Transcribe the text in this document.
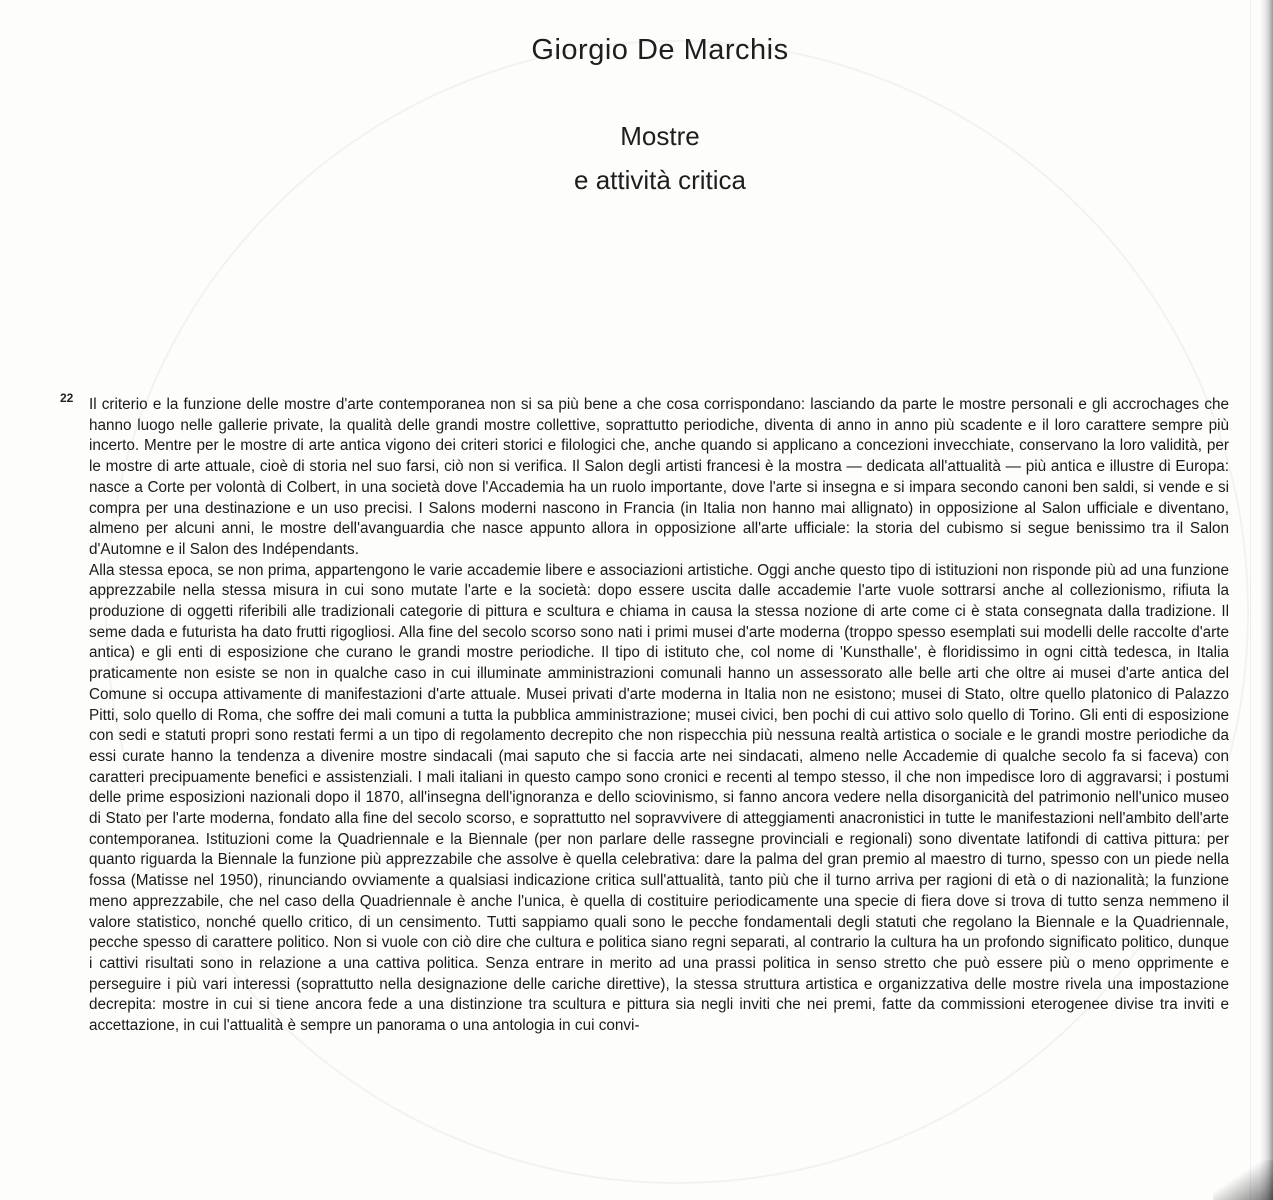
Giorgio De Marchis
Mostre
e attività critica
22 Il criterio e la funzione delle mostre d'arte contemporanea non si sa più bene a che cosa corrispondano: lasciando da parte le mostre personali e gli accrochages che hanno luogo nelle gallerie private, la qualità delle grandi mostre collettive, soprattutto periodiche, diventa di anno in anno più scadente e il loro carattere sempre più incerto. Mentre per le mostre di arte antica vigono dei criteri storici e filologici che, anche quando si applicano a concezioni invecchiate, conservano la loro validità, per le mostre di arte attuale, cioè di storia nel suo farsi, ciò non si verifica. Il Salon degli artisti francesi è la mostra — dedicata all'attualità — più antica e illustre di Europa: nasce a Corte per volontà di Colbert, in una società dove l'Accademia ha un ruolo importante, dove l'arte si insegna e si impara secondo canoni ben saldi, si vende e si compra per una destinazione e un uso precisi. I Salons moderni nascono in Francia (in Italia non hanno mai allignato) in opposizione al Salon ufficiale e diventano, almeno per alcuni anni, le mostre dell'avanguardia che nasce appunto allora in opposizione all'arte ufficiale: la storia del cubismo si segue benissimo tra il Salon d'Automne e il Salon des Indépendants.

Alla stessa epoca, se non prima, appartengono le varie accademie libere e associazioni artistiche. Oggi anche questo tipo di istituzioni non risponde più ad una funzione apprezzabile nella stessa misura in cui sono mutate l'arte e la società: dopo essere uscita dalle accademie l'arte vuole sottrarsi anche al collezionismo, rifiuta la produzione di oggetti riferibili alle tradizionali categorie di pittura e scultura e chiama in causa la stessa nozione di arte come ci è stata consegnata dalla tradizione. Il seme dada e futurista ha dato frutti rigogliosi. Alla fine del secolo scorso sono nati i primi musei d'arte moderna (troppo spesso esemplati sui modelli delle raccolte d'arte antica) e gli enti di esposizione che curano le grandi mostre periodiche. Il tipo di istituto che, col nome di 'Kunsthalle', è floridissimo in ogni città tedesca, in Italia praticamente non esiste se non in qualche caso in cui illuminate amministrazioni comunali hanno un assessorato alle belle arti che oltre ai musei d'arte antica del Comune si occupa attivamente di manifestazioni d'arte attuale. Musei privati d'arte moderna in Italia non ne esistono; musei di Stato, oltre quello platonico di Palazzo Pitti, solo quello di Roma, che soffre dei mali comuni a tutta la pubblica amministrazione; musei civici, ben pochi di cui attivo solo quello di Torino. Gli enti di esposizione con sedi e statuti propri sono restati fermi a un tipo di regolamento decrepito che non rispecchia più nessuna realtà artistica o sociale e le grandi mostre periodiche da essi curate hanno la tendenza a divenire mostre sindacali (mai saputo che si faccia arte nei sindacati, almeno nelle Accademie di qualche secolo fa si faceva) con caratteri precipuamente benefici e assistenziali. I mali italiani in questo campo sono cronici e recenti al tempo stesso, il che non impedisce loro di aggravarsi; i postumi delle prime esposizioni nazionali dopo il 1870, all'insegna dell'ignoranza e dello sciovinismo, si fanno ancora vedere nella disorganicità del patrimonio nell'unico museo di Stato per l'arte moderna, fondato alla fine del secolo scorso, e soprattutto nel sopravvivere di atteggiamenti anacronistici in tutte le manifestazioni nell'ambito dell'arte contemporanea. Istituzioni come la Quadriennale e la Biennale (per non parlare delle rassegne provinciali e regionali) sono diventate latifondi di cattiva pittura: per quanto riguarda la Biennale la funzione più apprezzabile che assolve è quella celebrativa: dare la palma del gran premio al maestro di turno, spesso con un piede nella fossa (Matisse nel 1950), rinunciando ovviamente a qualsiasi indicazione critica sull'attualità, tanto più che il turno arriva per ragioni di età o di nazionalità; la funzione meno apprezzabile, che nel caso della Quadriennale è anche l'unica, è quella di costituire periodicamente una specie di fiera dove si trova di tutto senza nemmeno il valore statistico, nonché quello critico, di un censimento. Tutti sappiamo quali sono le pecche fondamentali degli statuti che regolano la Biennale e la Quadriennale, pecche spesso di carattere politico. Non si vuole con ciò dire che cultura e politica siano regni separati, al contrario la cultura ha un profondo significato politico, dunque i cattivi risultati sono in relazione a una cattiva politica. Senza entrare in merito ad una prassi politica in senso stretto che può essere più o meno opprimente e perseguire i più vari interessi (soprattutto nella designazione delle cariche direttive), la stessa struttura artistica e organizzativa delle mostre rivela una impostazione decrepita: mostre in cui si tiene ancora fede a una distinzione tra scultura e pittura sia negli inviti che nei premi, fatte da commissioni eterogenee divise tra inviti e accettazione, in cui l'attualità è sempre un panorama o una antologia in cui convi-
